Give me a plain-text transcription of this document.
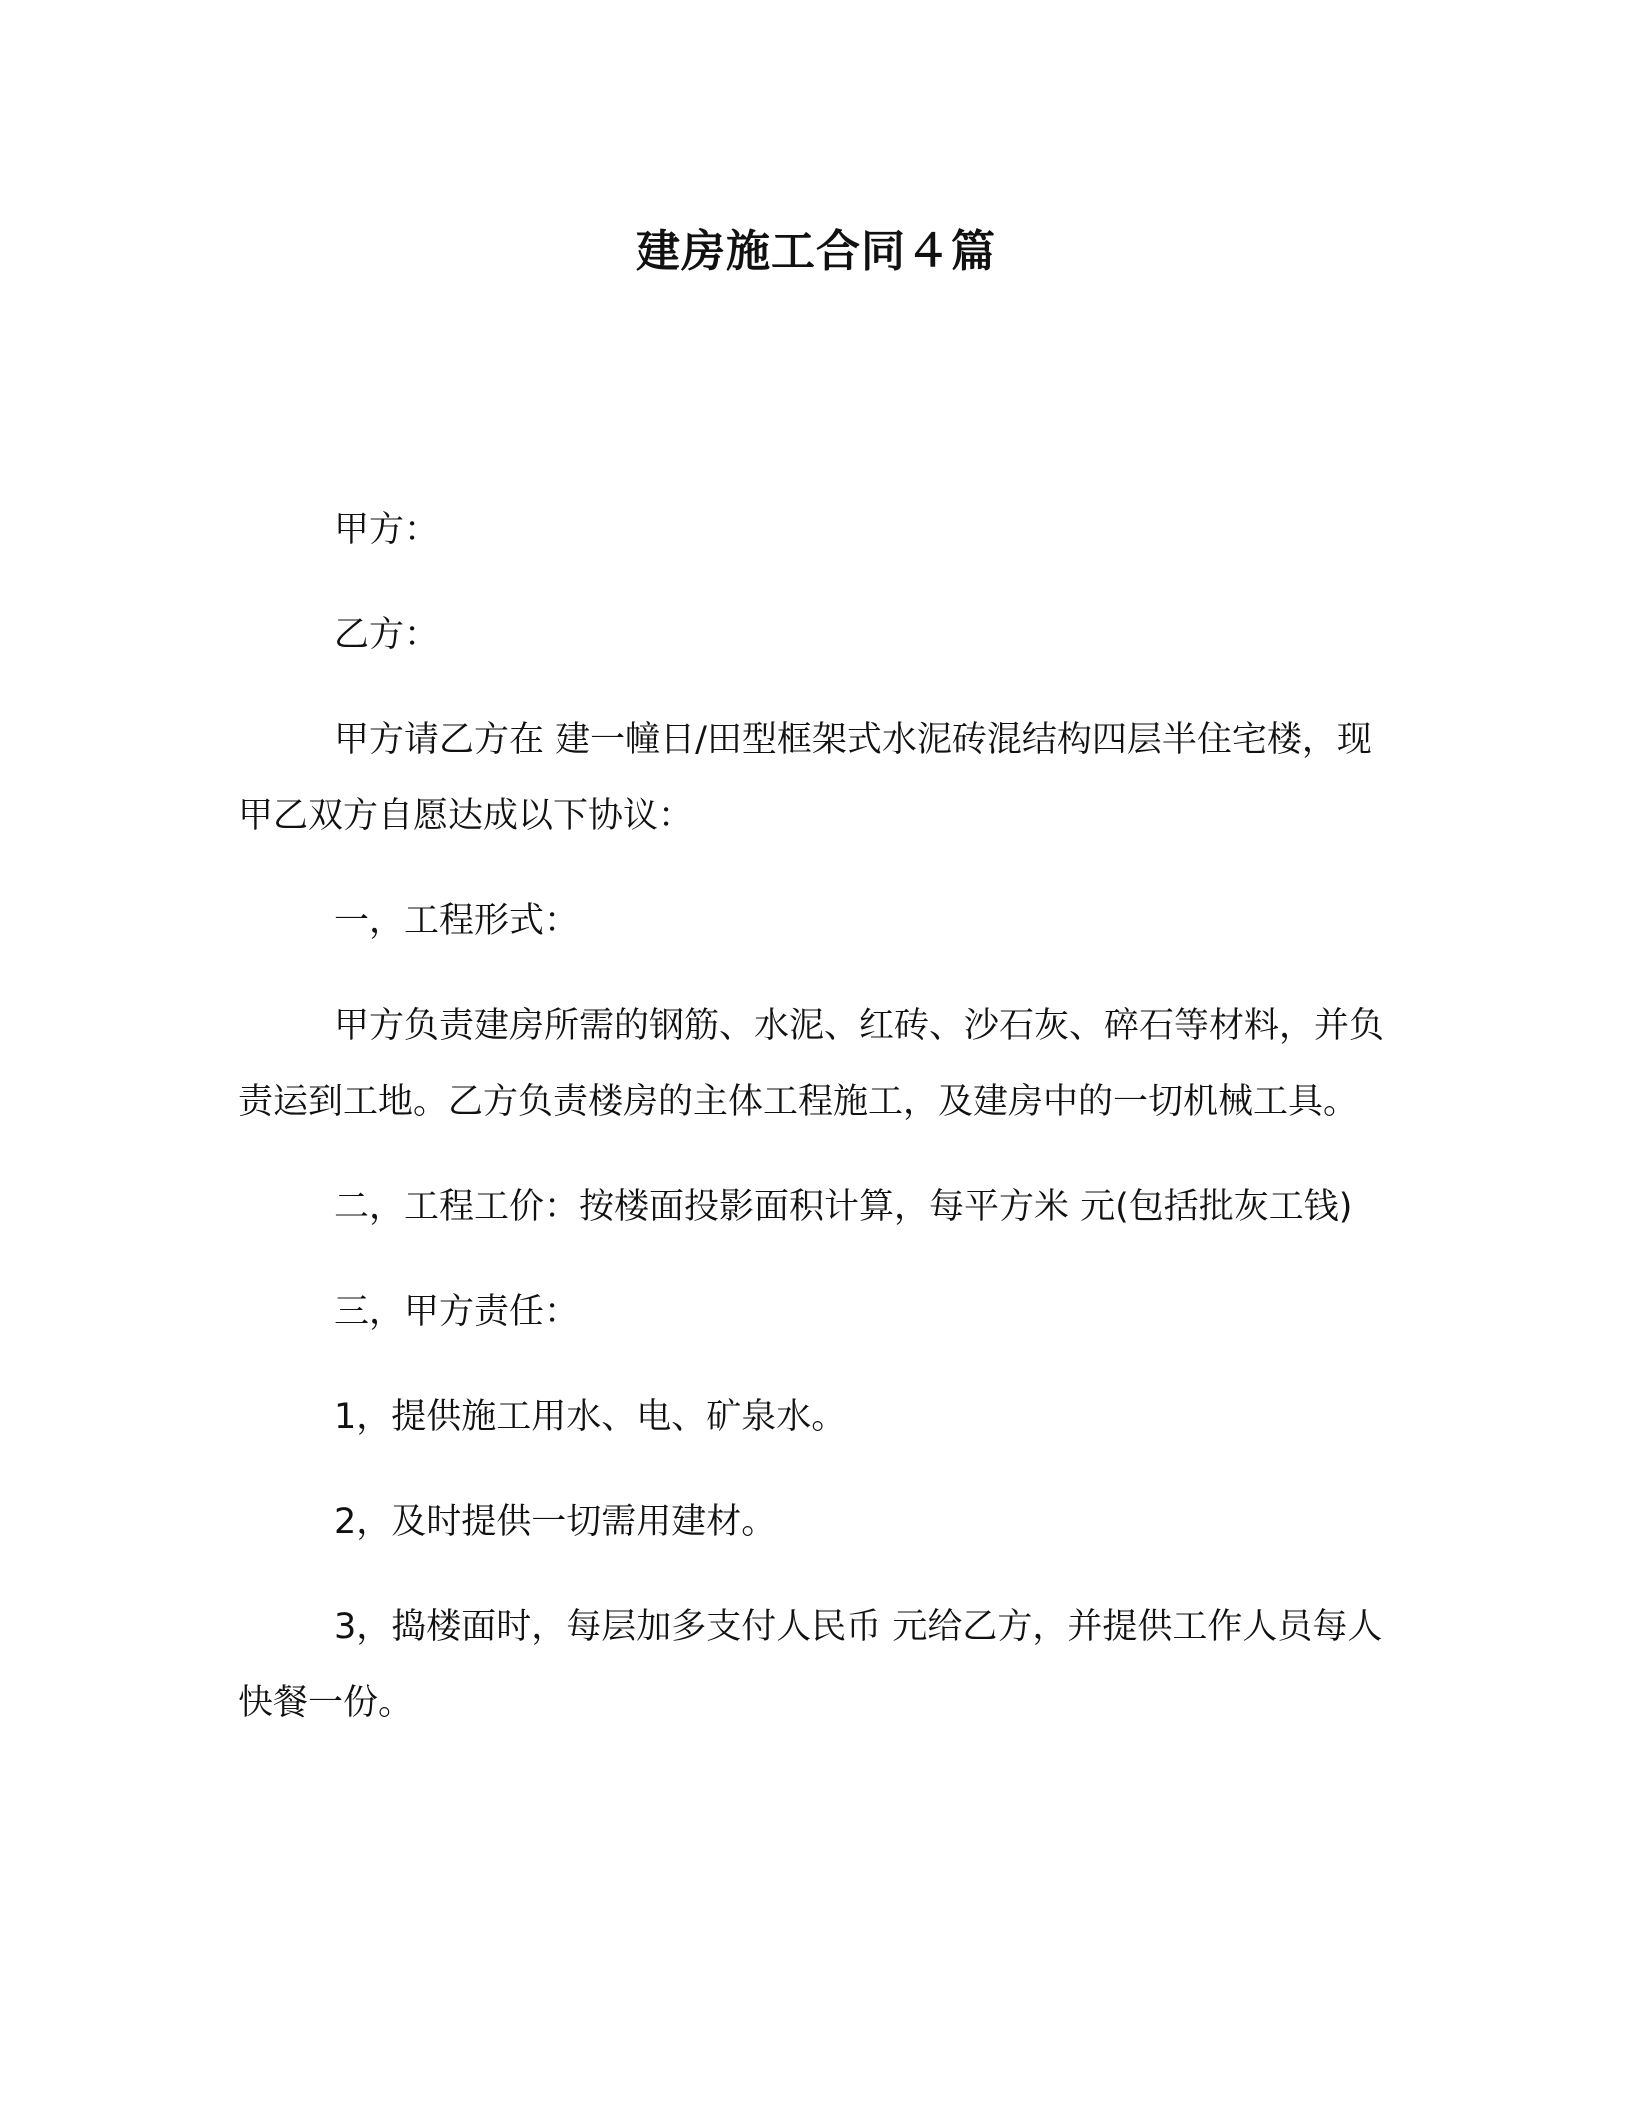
建房施工合同４篇

甲方：

乙方：

甲方请乙方在 建一幢日/田型框架式水泥砖混结构四层半住宅楼，现甲乙双方自愿达成以下协议：

一，工程形式：

甲方负责建房所需的钢筋、水泥、红砖、沙石灰、碎石等材料，并负责运到工地。乙方负责楼房的主体工程施工，及建房中的一切机械工具。

二，工程工价：按楼面投影面积计算，每平方米 元(包括批灰工钱)

三，甲方责任：

1，提供施工用水、电、矿泉水。

2，及时提供一切需用建材。

3，捣楼面时，每层加多支付人民币 元给乙方，并提供工作人员每人快餐一份。
